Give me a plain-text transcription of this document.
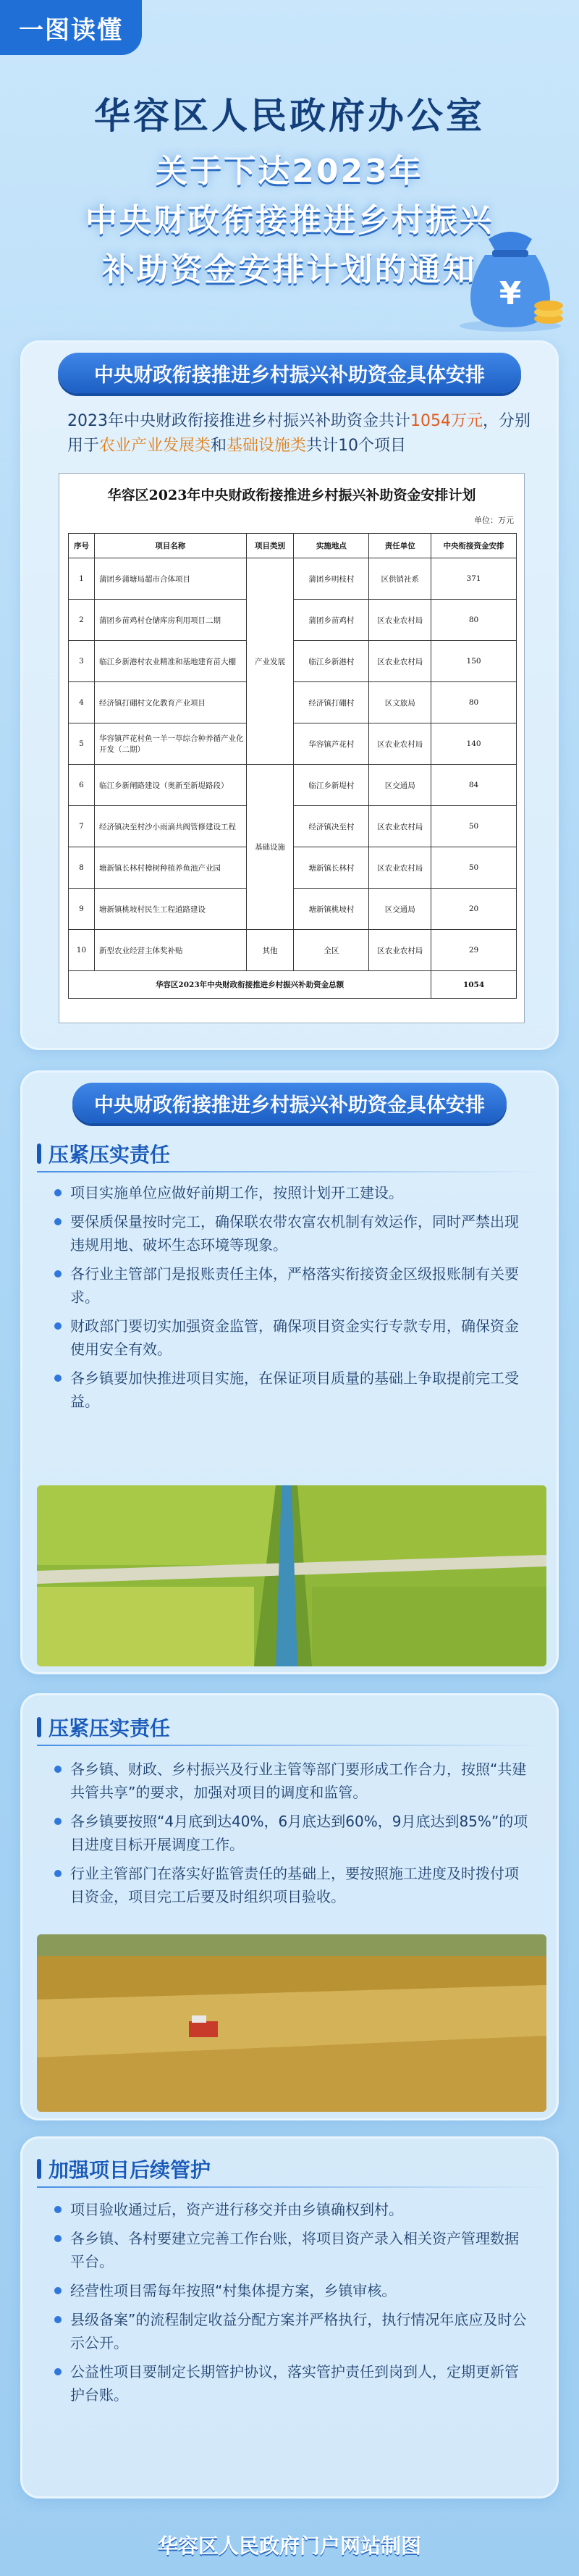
一图读懂
华容区人民政府办公室
关于下达2023年
中央财政衔接推进乡村振兴
补助资金安排计划的通知
¥
中央财政衔接推进乡村振兴补助资金具体安排
2023年中央财政衔接推进乡村振兴补助资金共计1054万元，分别用于农业产业发展类和基础设施类共计10个项目
华容区2023年中央财政衔接推进乡村振兴补助资金安排计划
单位：万元
序号	项目名称	项目类别	实施地点	责任单位	中央衔接资金安排
1	蒲团乡蒲塘局超市合体项目	产业发展	蒲团乡明枝村	区供销社系	371
2	蒲团乡苗鸡村仓储库房利用项目二期		蒲团乡苗鸡村	区农业农村局	80
3	临江乡新港村农业精准和基地建育苗大棚		临江乡新港村	区农业农村局	150
4	经济镇打硼村文化教育产业项目		经济镇打硼村	区文旅局	80
5	华容镇芦花村鱼一羊一草综合种养循产业化开发（二期）		华容镇芦花村	区农业农村局	140
6	临江乡新闸路建设（奥新至新堤路段）	基础设施	临江乡新堤村	区交通局	84
7	经济镇决至村沙小雨滴共阀管修建设工程		经济镇决至村	区农业农村局	50
8	塘新镇长林村樟树种植养鱼池产业园		塘新镇长林村	区农业农村局	50
9	塘新镇桃坡村民生工程道路建设		塘新镇桃坡村	区交通局	20
10	新型农业经营主体奖补贴	其他	全区	区农业农村局	29
华容区2023年中央财政衔接推进乡村振兴补助资金总额					1054
中央财政衔接推进乡村振兴补助资金具体安排
压紧压实责任
项目实施单位应做好前期工作，按照计划开工建设。
要保质保量按时完工，确保联农带农富农机制有效运作，同时严禁出现违规用地、破坏生态环境等现象。
各行业主管部门是报账责任主体，严格落实衔接资金区级报账制有关要求。
财政部门要切实加强资金监管，确保项目资金实行专款专用，确保资金使用安全有效。
各乡镇要加快推进项目实施，在保证项目质量的基础上争取提前完工受益。
压紧压实责任
各乡镇、财政、乡村振兴及行业主管等部门要形成工作合力，按照“共建共管共享”的要求，加强对项目的调度和监管。
各乡镇要按照“4月底到达40%，6月底达到60%，9月底达到85%”的项目进度目标开展调度工作。
行业主管部门在落实好监管责任的基础上，要按照施工进度及时拨付项目资金，项目完工后要及时组织项目验收。
加强项目后续管护
项目验收通过后，资产进行移交并由乡镇确权到村。
各乡镇、各村要建立完善工作台账，将项目资产录入相关资产管理数据平台。
经营性项目需每年按照“村集体提方案，乡镇审核。
县级备案”的流程制定收益分配方案并严格执行，执行情况年底应及时公示公开。
公益性项目要制定长期管护协议，落实管护责任到岗到人，定期更新管护台账。
华容区人民政府门户网站制图
